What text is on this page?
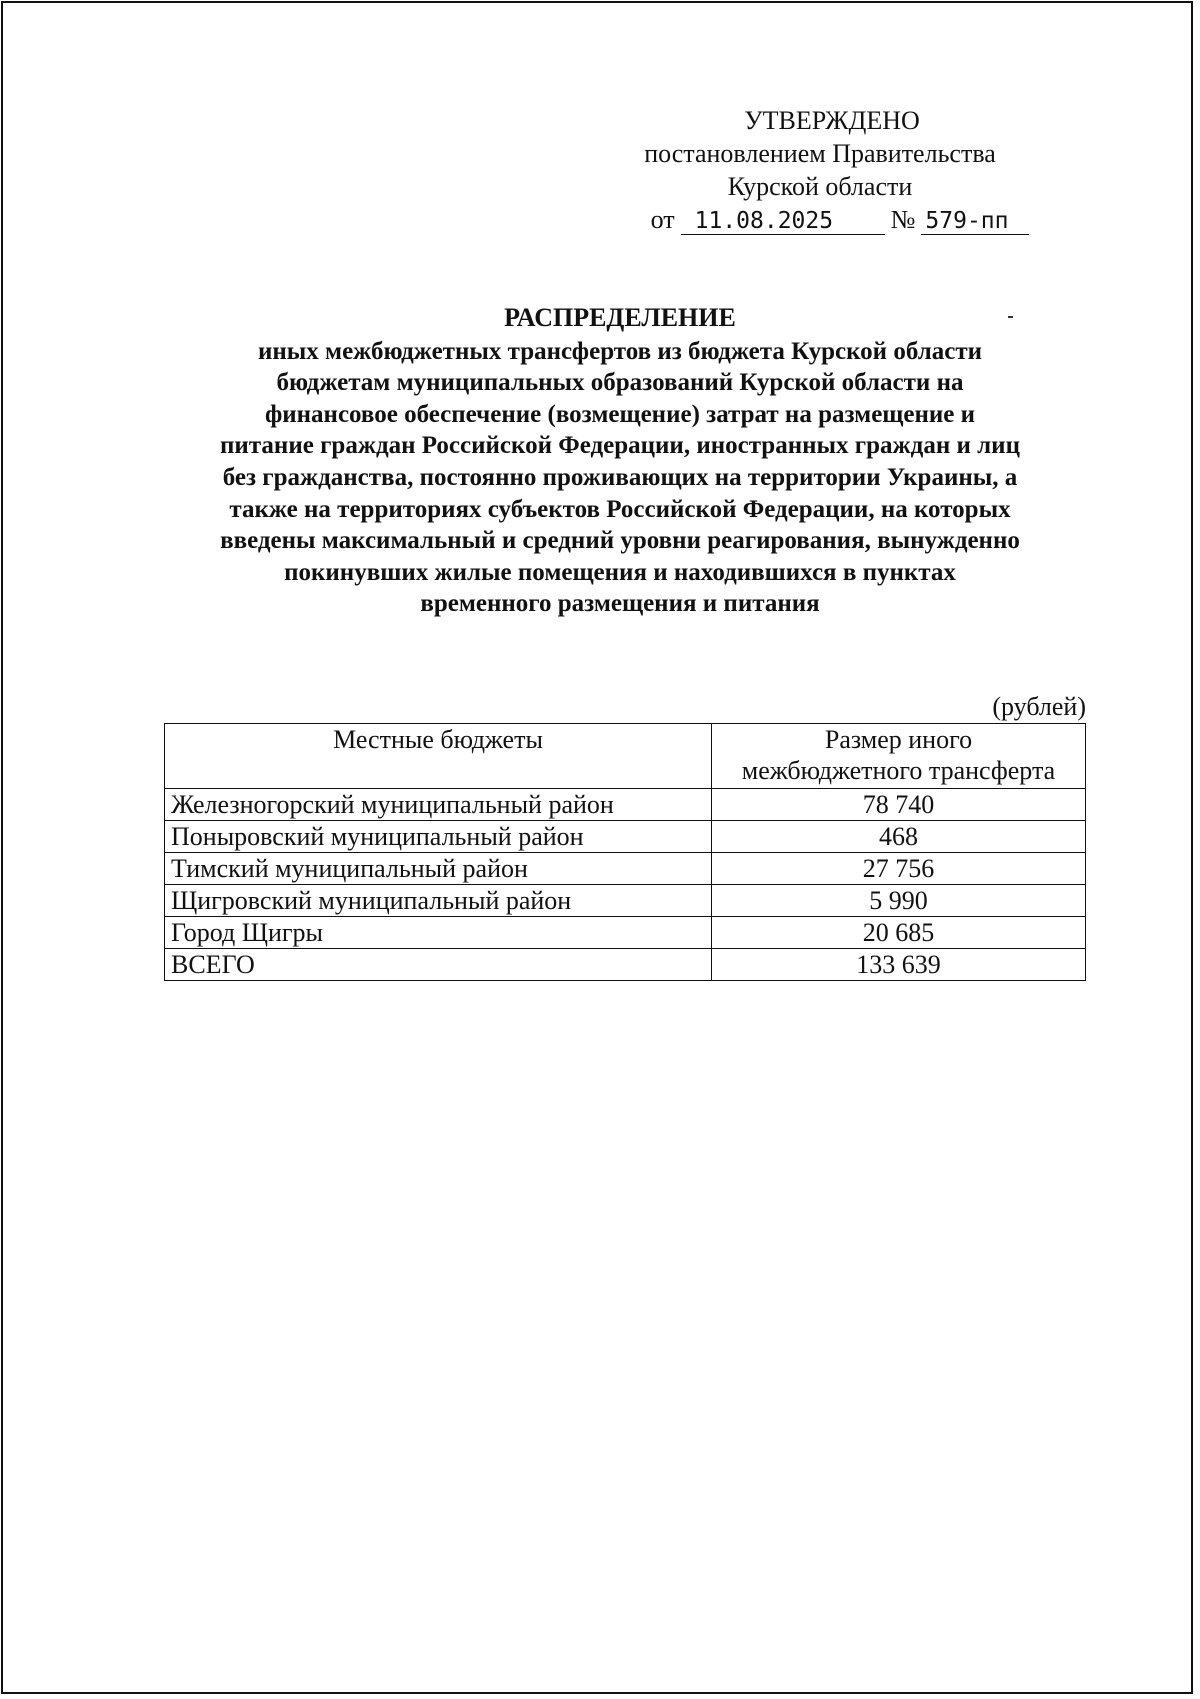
УТВЕРЖДЕНО
постановлением Правительства
Курской области
от 11.08.2025	№ 579-пп
РАСПРЕДЕЛЕНИЕ
иных межбюджетных трансфертов из бюджета Курской области
бюджетам муниципальных образований Курской области на
финансовое обеспечение (возмещение) затрат на размещение и
питание граждан Российской Федерации, иностранных граждан и лиц
без гражданства, постоянно проживающих на территории Украины, а
также на территориях субъектов Российской Федерации, на которых
введены максимальный и средний уровни реагирования, вынужденно
покинувших жилые помещения и находившихся в пунктах
временного размещения и питания
(рублей)
Местные бюджеты	Размер иного
межбюджетного трансферта

Железногорский муниципальный район	78 740
Поныровский муниципальный район	468
Тимский муниципальный район	27 756
Щигровский муниципальный район	5 990
Город Щигры	20 685
ВСЕГО	133 639
